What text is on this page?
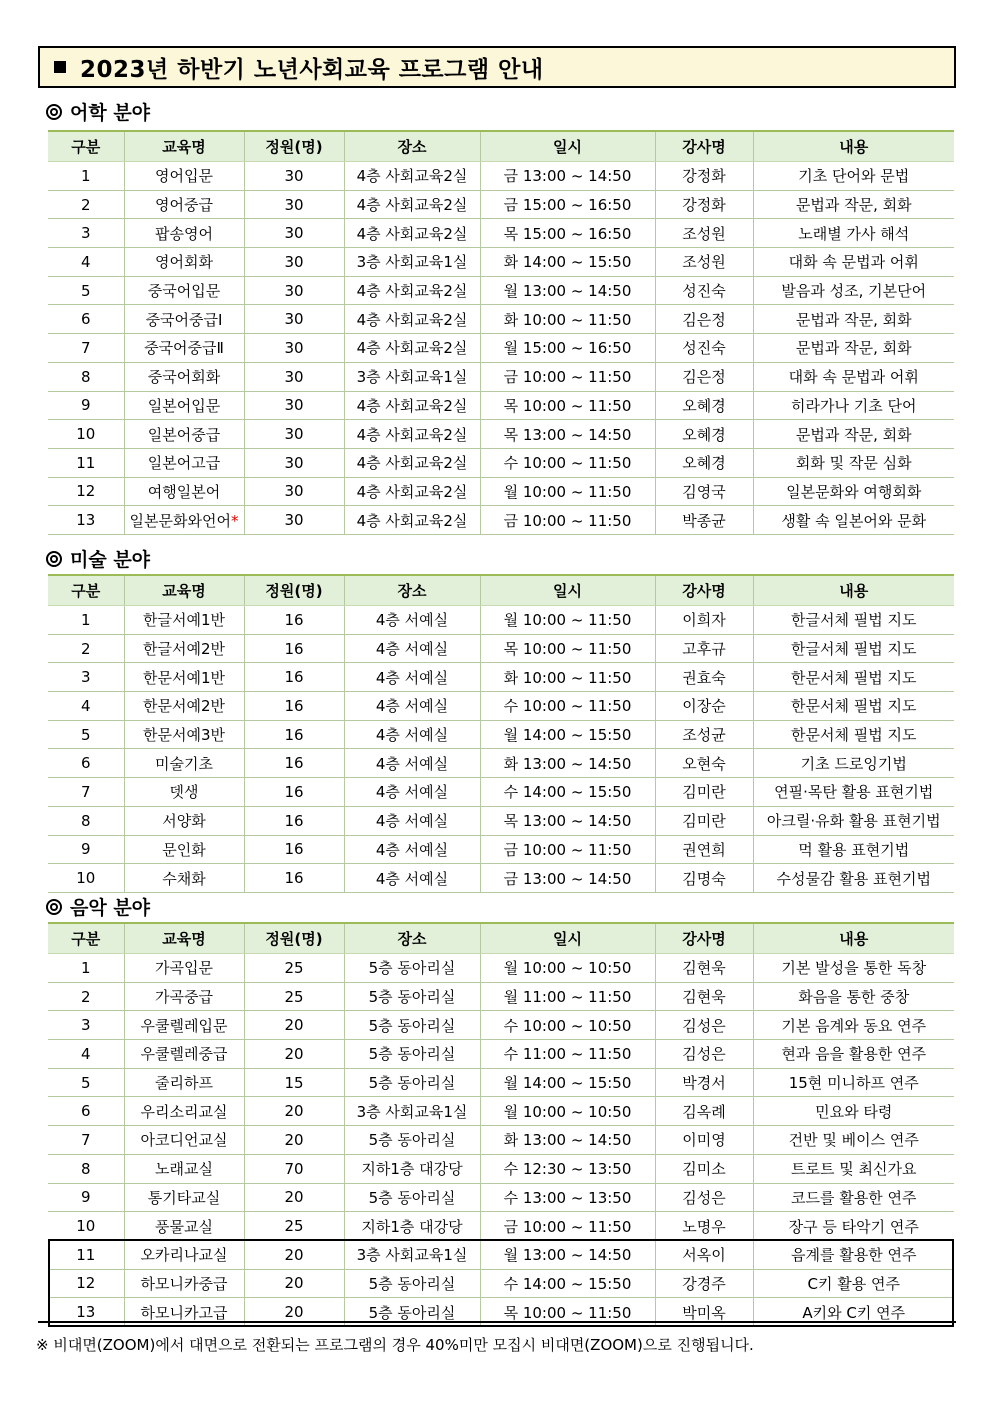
2023년 하반기 노년사회교육 프로그램 안내
어학 분야
구분	교육명	정원(명)	장소	일시	강사명	내용
1	영어입문	30	4층 사회교육2실	금 13:00 ~ 14:50	강정화	기초 단어와 문법
2	영어중급	30	4층 사회교육2실	금 15:00 ~ 16:50	강정화	문법과 작문, 회화
3	팝송영어	30	4층 사회교육2실	목 15:00 ~ 16:50	조성원	노래별 가사 해석
4	영어회화	30	3층 사회교육1실	화 14:00 ~ 15:50	조성원	대화 속 문법과 어휘
5	중국어입문	30	4층 사회교육2실	월 13:00 ~ 14:50	성진숙	발음과 성조, 기본단어
6	중국어중급Ⅰ	30	4층 사회교육2실	화 10:00 ~ 11:50	김은정	문법과 작문, 회화
7	중국어중급Ⅱ	30	4층 사회교육2실	월 15:00 ~ 16:50	성진숙	문법과 작문, 회화
8	중국어회화	30	3층 사회교육1실	금 10:00 ~ 11:50	김은정	대화 속 문법과 어휘
9	일본어입문	30	4층 사회교육2실	목 10:00 ~ 11:50	오혜경	히라가나 기초 단어
10	일본어중급	30	4층 사회교육2실	목 13:00 ~ 14:50	오혜경	문법과 작문, 회화
11	일본어고급	30	4층 사회교육2실	수 10:00 ~ 11:50	오혜경	회화 및 작문 심화
12	여행일본어	30	4층 사회교육2실	월 10:00 ~ 11:50	김영국	일본문화와 여행회화
13	일본문화와언어*	30	4층 사회교육2실	금 10:00 ~ 11:50	박종균	생활 속 일본어와 문화
미술 분야
구분	교육명	정원(명)	장소	일시	강사명	내용
1	한글서예1반	16	4층 서예실	월 10:00 ~ 11:50	이희자	한글서체 필법 지도
2	한글서예2반	16	4층 서예실	목 10:00 ~ 11:50	고후규	한글서체 필법 지도
3	한문서예1반	16	4층 서예실	화 10:00 ~ 11:50	권효숙	한문서체 필법 지도
4	한문서예2반	16	4층 서예실	수 10:00 ~ 11:50	이장순	한문서체 필법 지도
5	한문서예3반	16	4층 서예실	월 14:00 ~ 15:50	조성균	한문서체 필법 지도
6	미술기초	16	4층 서예실	화 13:00 ~ 14:50	오현숙	기초 드로잉기법
7	뎃생	16	4층 서예실	수 14:00 ~ 15:50	김미란	연필·목탄 활용 표현기법
8	서양화	16	4층 서예실	목 13:00 ~ 14:50	김미란	아크릴·유화 활용 표현기법
9	문인화	16	4층 서예실	금 10:00 ~ 11:50	권연희	먹 활용 표현기법
10	수채화	16	4층 서예실	금 13:00 ~ 14:50	김명숙	수성물감 활용 표현기법
음악 분야
구분	교육명	정원(명)	장소	일시	강사명	내용
1	가곡입문	25	5층 동아리실	월 10:00 ~ 10:50	김현욱	기본 발성을 통한 독창
2	가곡중급	25	5층 동아리실	월 11:00 ~ 11:50	김현욱	화음을 통한 중창
3	우쿨렐레입문	20	5층 동아리실	수 10:00 ~ 10:50	김성은	기본 음계와 동요 연주
4	우쿨렐레중급	20	5층 동아리실	수 11:00 ~ 11:50	김성은	현과 음을 활용한 연주
5	줄리하프	15	5층 동아리실	월 14:00 ~ 15:50	박경서	15현 미니하프 연주
6	우리소리교실	20	3층 사회교육1실	월 10:00 ~ 10:50	김옥례	민요와 타령
7	아코디언교실	20	5층 동아리실	화 13:00 ~ 14:50	이미영	건반 및 베이스 연주
8	노래교실	70	지하1층 대강당	수 12:30 ~ 13:50	김미소	트로트 및 최신가요
9	통기타교실	20	5층 동아리실	수 13:00 ~ 13:50	김성은	코드를 활용한 연주
10	풍물교실	25	지하1층 대강당	금 10:00 ~ 11:50	노명우	장구 등 타악기 연주
11	오카리나교실	20	3층 사회교육1실	월 13:00 ~ 14:50	서옥이	음계를 활용한 연주
12	하모니카중급	20	5층 동아리실	수 14:00 ~ 15:50	강경주	C키 활용 연주
13	하모니카고급	20	5층 동아리실	목 10:00 ~ 11:50	박미옥	A키와 C키 연주
※ 비대면(ZOOM)에서 대면으로 전환되는 프로그램의 경우 40%미만 모집시 비대면(ZOOM)으로 진행됩니다.
